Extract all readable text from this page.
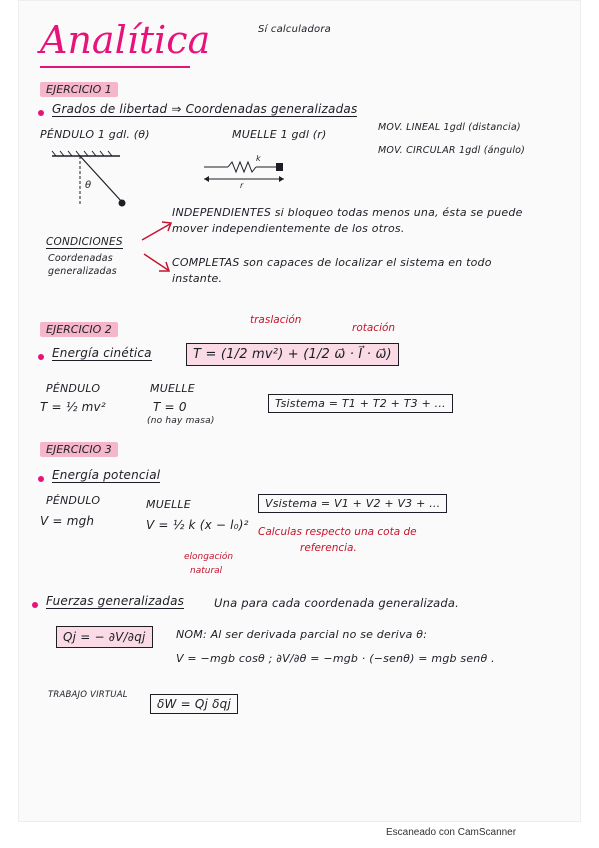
Analítica	Sí calculadora
EJERCICIO 1
Grados de libertad ⇒ Coordenadas generalizadas
PÉNDULO 1 gdl. (θ)	MUELLE 1 gdl (r)
MOV. LINEAL 1gdl (distancia)
MOV. CIRCULAR 1gdl (ángulo)
θ
k
r
CONDICIONES
Coordenadas
generalizadas
INDEPENDIENTES si bloqueo todas menos una, ésta se puede
mover independientemente de los otros.
COMPLETAS son capaces de localizar el sistema en todo
instante.
EJERCICIO 2
traslación
rotación
Energía cinética	T = (1/2 mv²) + (1/2 ω⃗ · I⃗ · ω⃗)
PÉNDULO	MUELLE
T = ½ mv²	T = 0
(no hay masa)
Tsistema = T1 + T2 + T3 + ...
EJERCICIO 3
Energía potencial
PÉNDULO	MUELLE
V = mgh	V = ½ k (x − l₀)²
elongación
natural
Vsistema = V1 + V2 + V3 + ...
Calculas respecto una cota de
referencia.
Fuerzas generalizadas	Una para cada coordenada generalizada.
Qj = − ∂V/∂qj	NOM: Al ser derivada parcial no se deriva θ:
V = −mgb cosθ ; ∂V/∂θ = −mgb · (−senθ) = mgb senθ .
TRABAJO VIRTUAL
δW = Qj δqj
Escaneado con CamScanner
